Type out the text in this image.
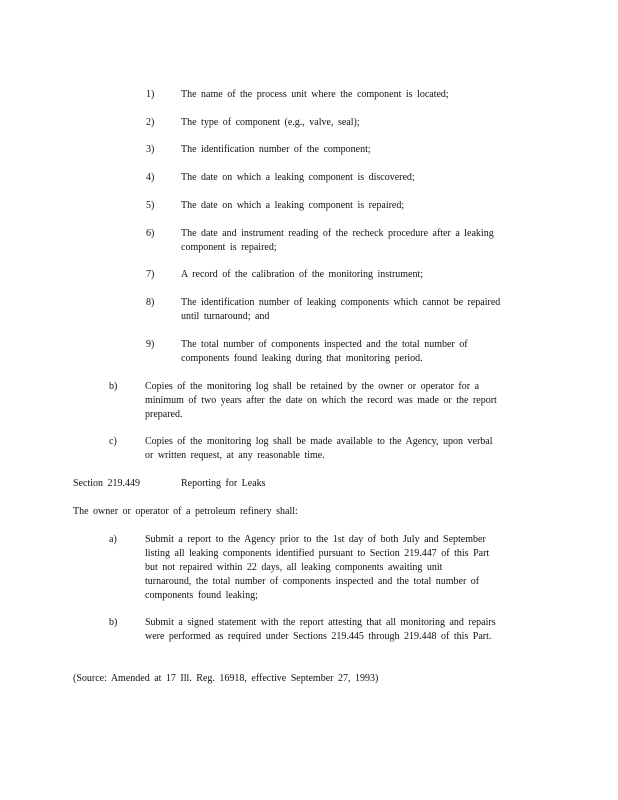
1)	The name of the process unit where the component is located;
2)	The type of component (e.g., valve, seal);
3)	The identification number of the component;
4)	The date on which a leaking component is discovered;
5)	The date on which a leaking component is repaired;
6)	The date and instrument reading of the recheck procedure after a leaking component is repaired;
7)	A record of the calibration of the monitoring instrument;
8)	The identification number of leaking components which cannot be repaired until turnaround; and
9)	The total number of components inspected and the total number of components found leaking during that monitoring period.
b)	Copies of the monitoring log shall be retained by the owner or operator for a minimum of two years after the date on which the record was made or the report prepared.
c)	Copies of the monitoring log shall be made available to the Agency, upon verbal or written request, at any reasonable time.
Section 219.449	Reporting for Leaks
The owner or operator of a petroleum refinery shall:
a)	Submit a report to the Agency prior to the 1st day of both July and September listing all leaking components identified pursuant to Section 219.447 of this Part but not repaired within 22 days, all leaking components awaiting unit turnaround, the total number of components inspected and the total number of components found leaking;
b)	Submit a signed statement with the report attesting that all monitoring and repairs were performed as required under Sections 219.445 through 219.448 of this Part.
(Source: Amended at 17 Ill. Reg. 16918, effective September 27, 1993)
